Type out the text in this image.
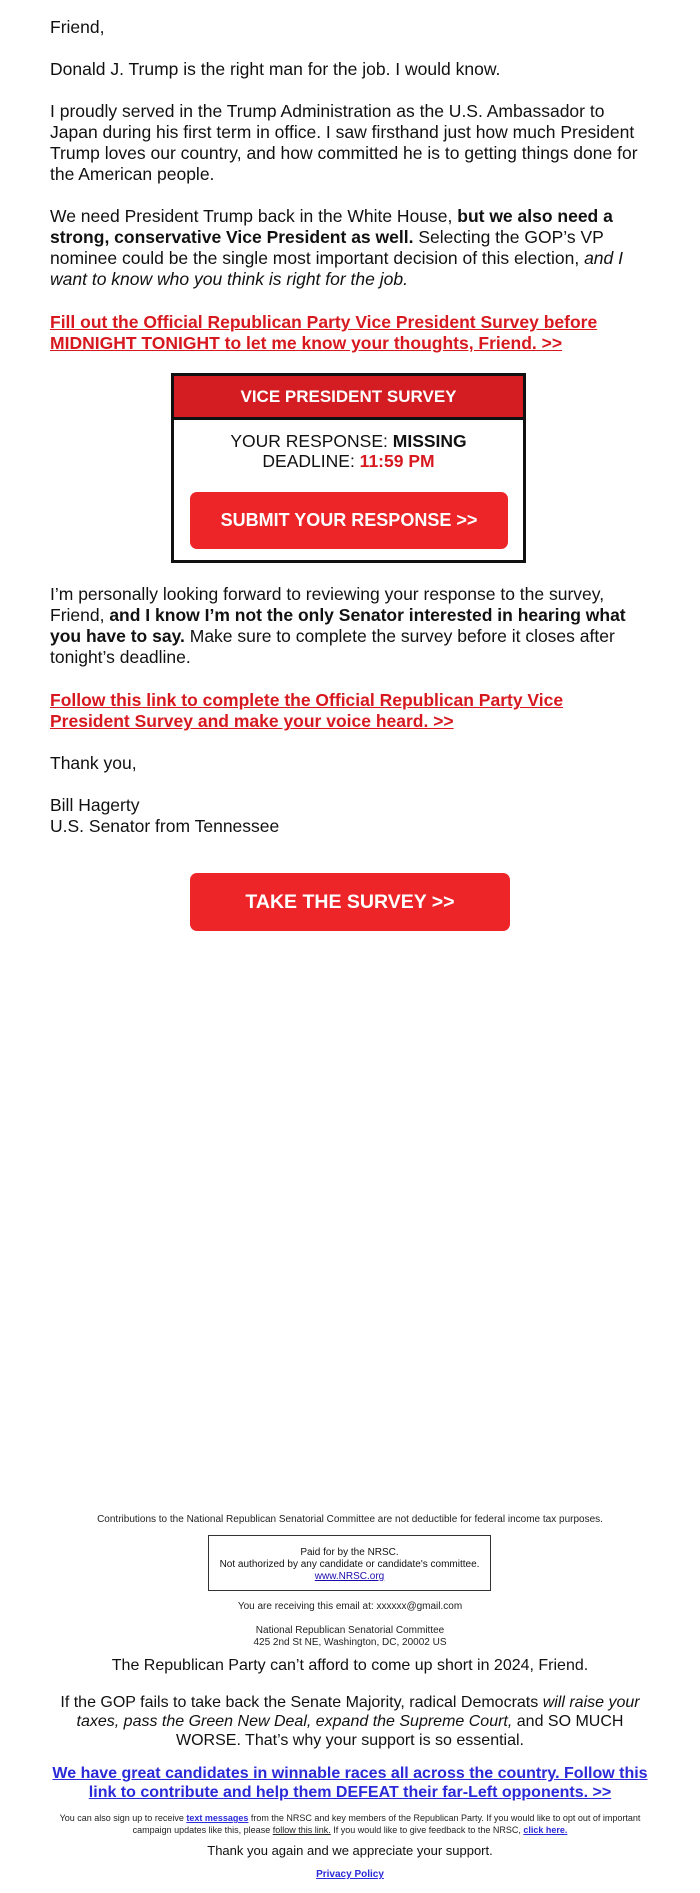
Friend,

Donald J. Trump is the right man for the job. I would know.

I proudly served in the Trump Administration as the U.S. Ambassador to Japan during his first term in office. I saw firsthand just how much President Trump loves our country, and how committed he is to getting things done for the American people.

We need President Trump back in the White House, but we also need a strong, conservative Vice President as well. Selecting the GOP’s VP nominee could be the single most important decision of this election, and I want to know who you think is right for the job.

Fill out the Official Republican Party Vice President Survey before MIDNIGHT TONIGHT to let me know your thoughts, Friend. >>

I’m personally looking forward to reviewing your response to the survey, Friend, and I know I’m not the only Senator interested in hearing what you have to say. Make sure to complete the survey before it closes after tonight’s deadline.

Follow this link to complete the Official Republican Party Vice President Survey and make your voice heard. >>

Thank you,

Bill Hagerty

U.S. Senator from Tennessee

VICE PRESIDENT SURVEY
YOUR RESPONSE: MISSING
DEADLINE: 11:59 PM
SUBMIT YOUR RESPONSE >>
TAKE THE SURVEY >>
Contributions to the National Republican Senatorial Committee are not deductible for federal income tax purposes.
Paid for by the NRSC.
Not authorized by any candidate or candidate's committee.
www.NRSC.org
You are receiving this email at: xxxxxx@gmail.com
National Republican Senatorial Committee
425 2nd St NE, Washington, DC, 20002 US
The Republican Party can’t afford to come up short in 2024, Friend.
If the GOP fails to take back the Senate Majority, radical Democrats will raise your taxes, pass the Green New Deal, expand the Supreme Court, and SO MUCH WORSE. That’s why your support is so essential.
We have great candidates in winnable races all across the country. Follow this link to contribute and help them DEFEAT their far-Left opponents. >>
You can also sign up to receive text messages from the NRSC and key members of the Republican Party. If you would like to opt out of important campaign updates like this, please follow this link. If you would like to give feedback to the NRSC, click here.
Thank you again and we appreciate your support.
Privacy Policy
